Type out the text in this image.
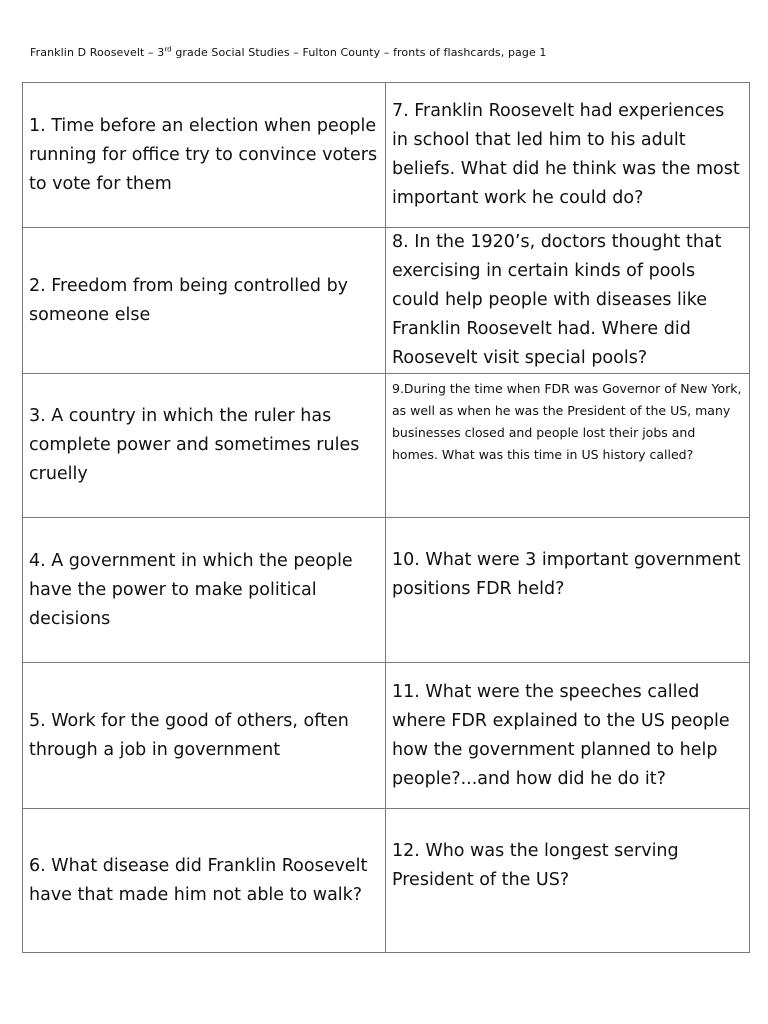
Franklin D Roosevelt – 3rd grade Social Studies – Fulton County – fronts of flashcards, page 1
1. Time before an election when people running for office try to convince voters to vote for them	7. Franklin Roosevelt had experiences in school that led him to his adult beliefs. What did he think was the most important work he could do?
2. Freedom from being controlled by someone else	8. In the 1920’s, doctors thought that exercising in certain kinds of pools could help people with diseases like Franklin Roosevelt had. Where did Roosevelt visit special pools?
3. A country in which the ruler has complete power and sometimes rules cruelly	9.During the time when FDR was Governor of New York, as well as when he was the President of the US, many businesses closed and people lost their jobs and homes. What was this time in US history called?
4. A government in which the people have the power to make political decisions	10. What were 3 important government positions FDR held?
5. Work for the good of others, often through a job in government	11. What were the speeches called where FDR explained to the US people how the government planned to help people?...and how did he do it?
6. What disease did Franklin Roosevelt have that made him not able to walk?	12. Who was the longest serving President of the US?
